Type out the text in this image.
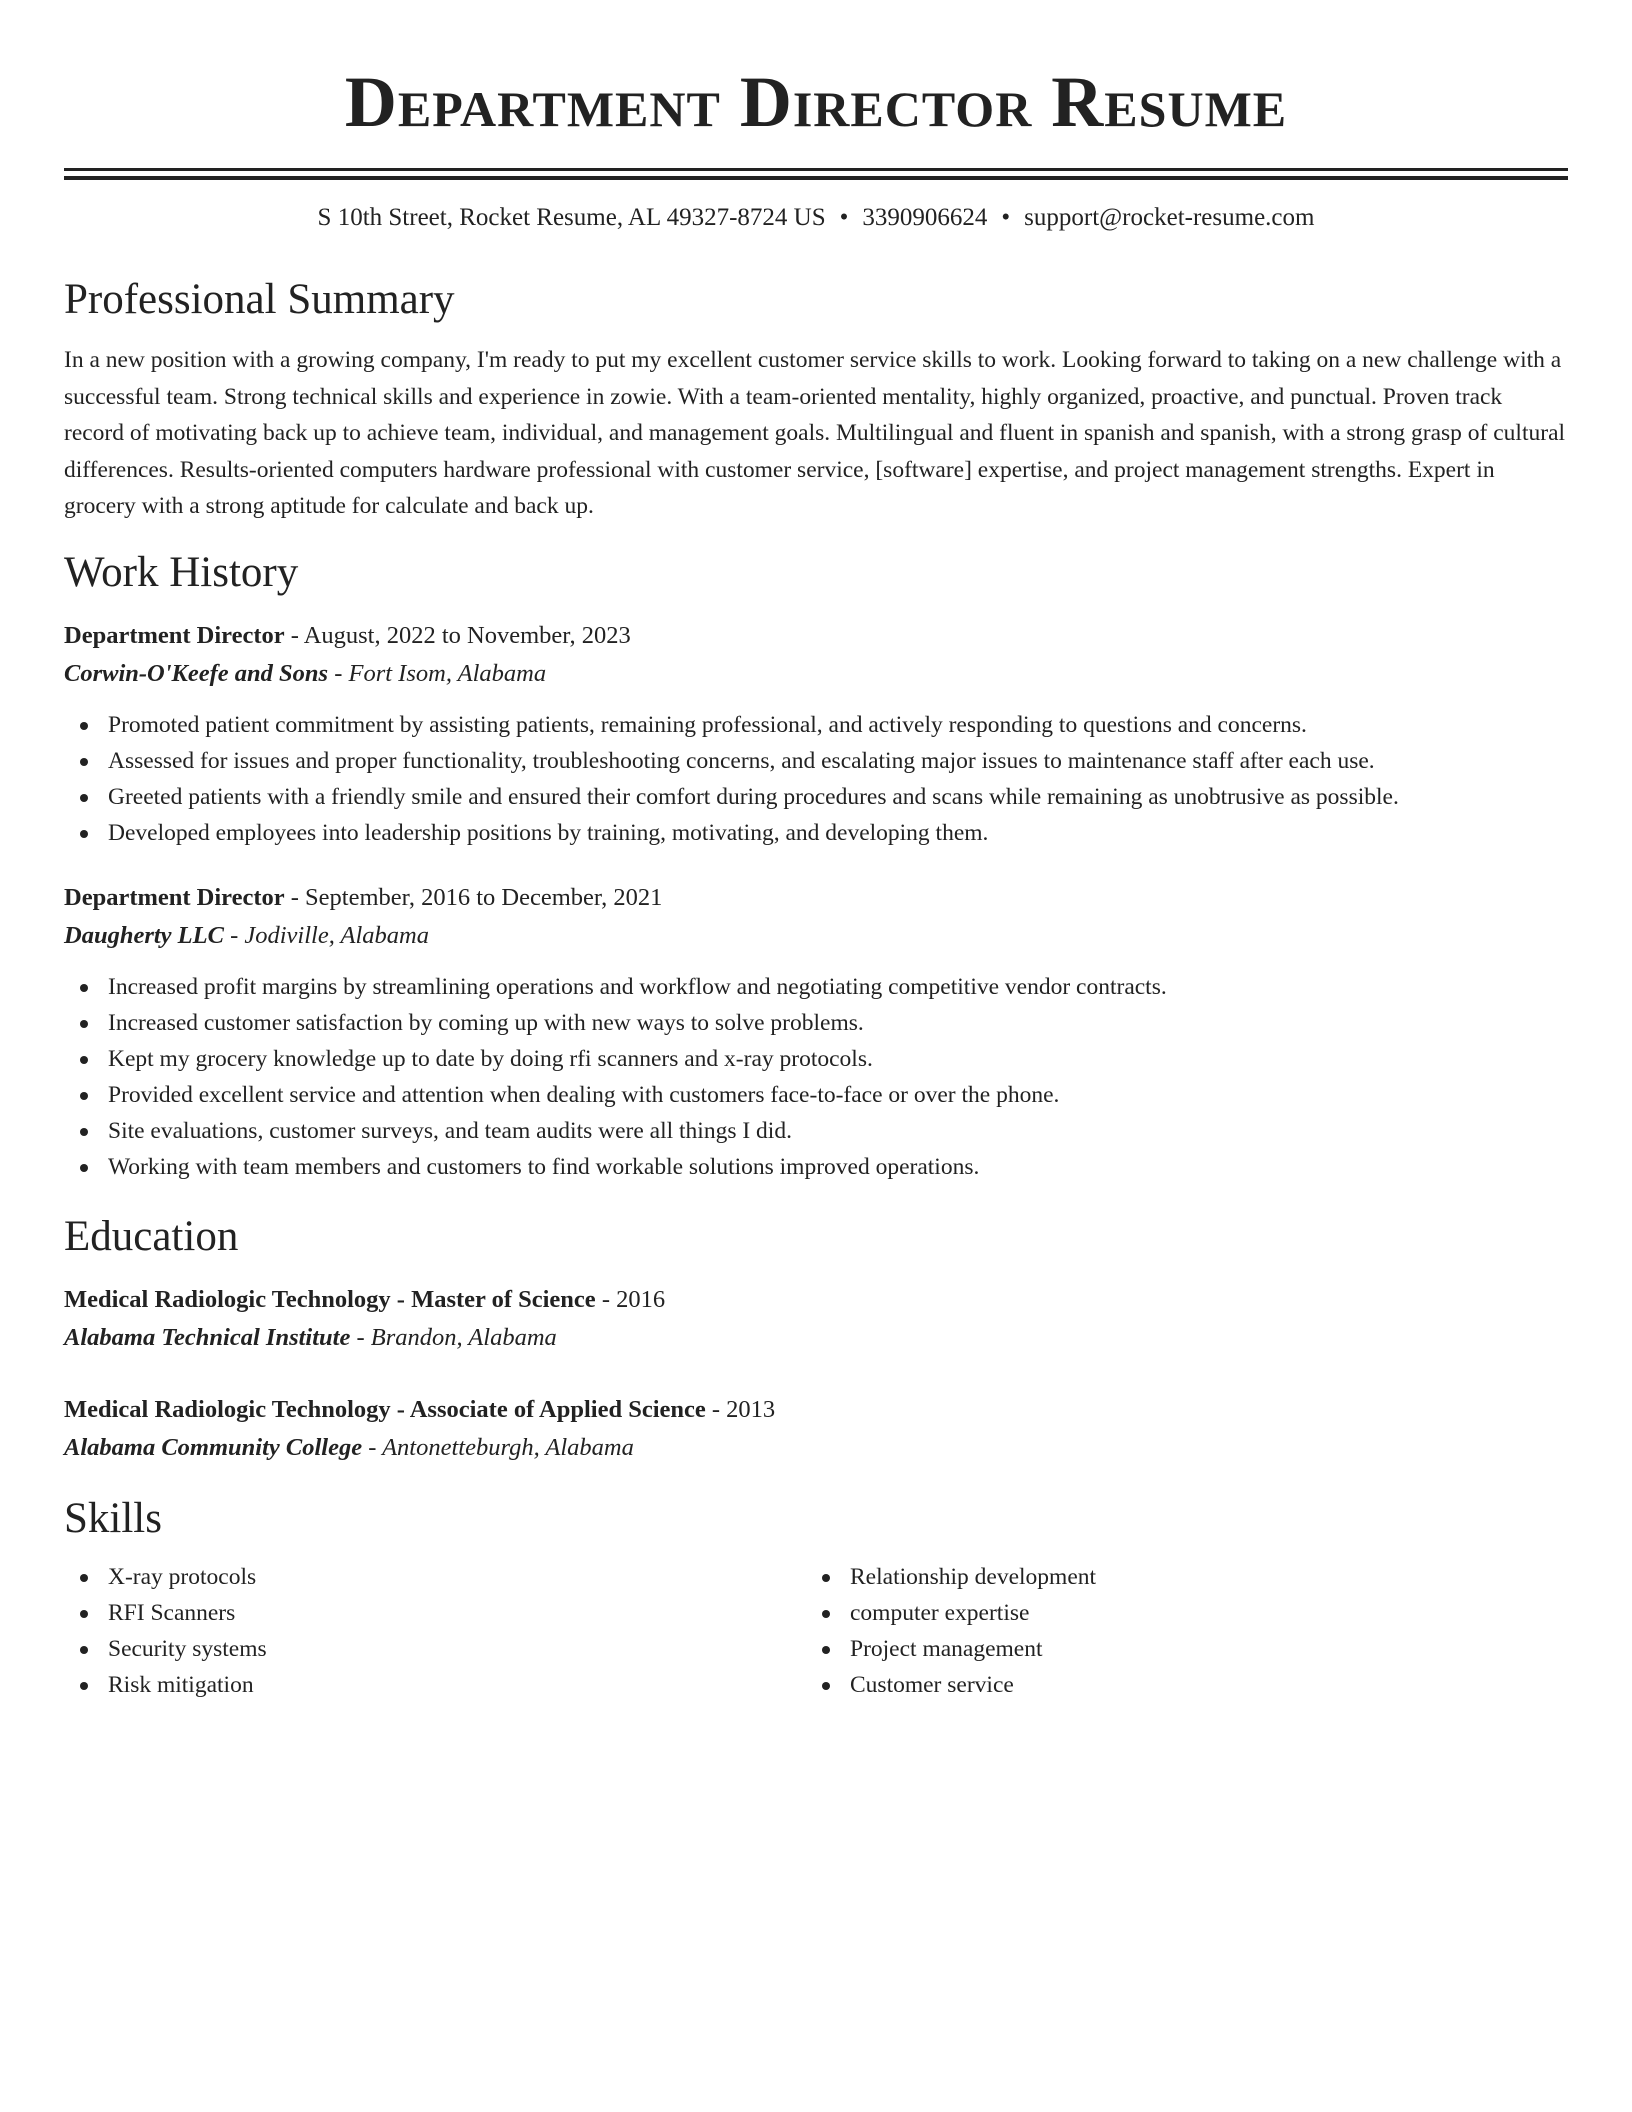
Department Director Resume
S 10th Street, Rocket Resume, AL 49327-8724 US • 3390906624 • support@rocket-resume.com
Professional Summary

In a new position with a growing company, I'm ready to put my excellent customer service skills to work. Looking forward to taking on a new challenge with a successful team. Strong technical skills and experience in zowie. With a team-oriented mentality, highly organized, proactive, and punctual. Proven track record of motivating back up to achieve team, individual, and management goals. Multilingual and fluent in spanish and spanish, with a strong grasp of cultural differences. Results-oriented computers hardware professional with customer service, [software] expertise, and project management strengths. Expert in grocery with a strong aptitude for calculate and back up.

Work History

Department Director - August, 2022 to November, 2023

Corwin-O'Keefe and Sons - Fort Isom, Alabama

Promoted patient commitment by assisting patients, remaining professional, and actively responding to questions and concerns.
Assessed for issues and proper functionality, troubleshooting concerns, and escalating major issues to maintenance staff after each use.
Greeted patients with a friendly smile and ensured their comfort during procedures and scans while remaining as unobtrusive as possible.
Developed employees into leadership positions by training, motivating, and developing them.

Department Director - September, 2016 to December, 2021

Daugherty LLC - Jodiville, Alabama

Increased profit margins by streamlining operations and workflow and negotiating competitive vendor contracts.
Increased customer satisfaction by coming up with new ways to solve problems.
Kept my grocery knowledge up to date by doing rfi scanners and x-ray protocols.
Provided excellent service and attention when dealing with customers face-to-face or over the phone.
Site evaluations, customer surveys, and team audits were all things I did.
Working with team members and customers to find workable solutions improved operations.
Education

Medical Radiologic Technology - Master of Science - 2016

Alabama Technical Institute - Brandon, Alabama

Medical Radiologic Technology - Associate of Applied Science - 2013

Alabama Community College - Antonetteburgh, Alabama

Skills
X-ray protocols
RFI Scanners
Security systems
Risk mitigation
Relationship development
computer expertise
Project management
Customer service
